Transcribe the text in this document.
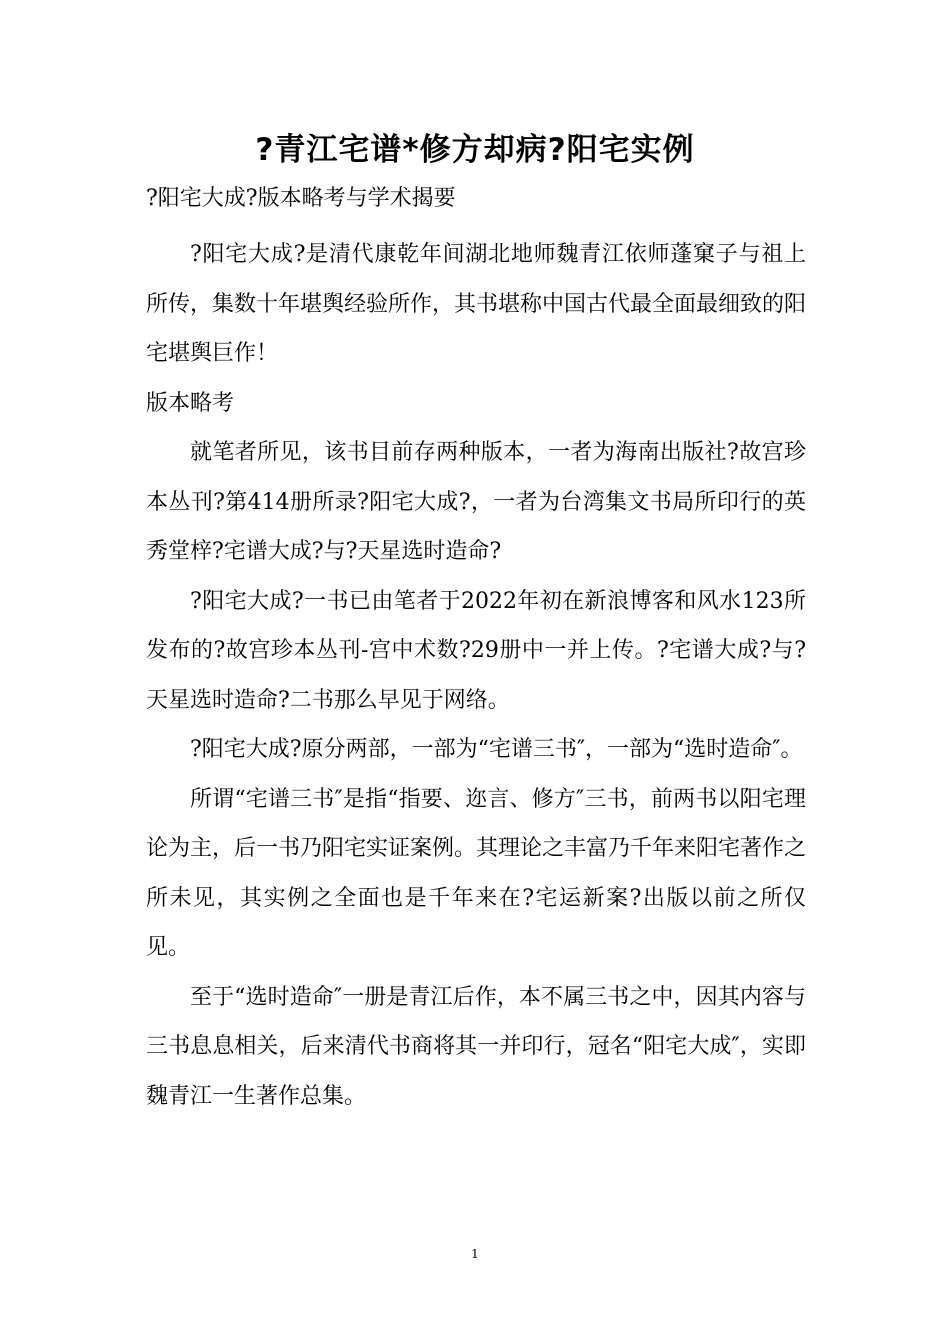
?青江宅谱*修方却病?阳宅实例
?阳宅大成?版本略考与学术揭要

?阳宅大成?是清代康乾年间湖北地师魏青江依师蓬窠子与祖上所传，集数十年堪舆经验所作，其书堪称中国古代最全面最细致的阳宅堪舆巨作！

版本略考

就笔者所见，该书目前存两种版本，一者为海南出版社?故宫珍本丛刊?第414册所录?阳宅大成?，一者为台湾集文书局所印行的英秀堂梓?宅谱大成?与?天星选时造命?

?阳宅大成?一书已由笔者于2022年初在新浪博客和风水123所发布的?故宫珍本丛刊-宫中术数?29册中一并上传。?宅谱大成?与?天星选时造命?二书那么早见于网络。

?阳宅大成?原分两部，一部为“宅谱三书″，一部为“选时造命″。

所谓“宅谱三书″是指“指要、迩言、修方″三书，前两书以阳宅理论为主，后一书乃阳宅实证案例。其理论之丰富乃千年来阳宅著作之所未见，其实例之全面也是千年来在?宅运新案?出版以前之所仅见。

至于“选时造命″一册是青江后作，本不属三书之中，因其内容与三书息息相关，后来清代书商将其一并印行，冠名“阳宅大成″，实即魏青江一生著作总集。

1
